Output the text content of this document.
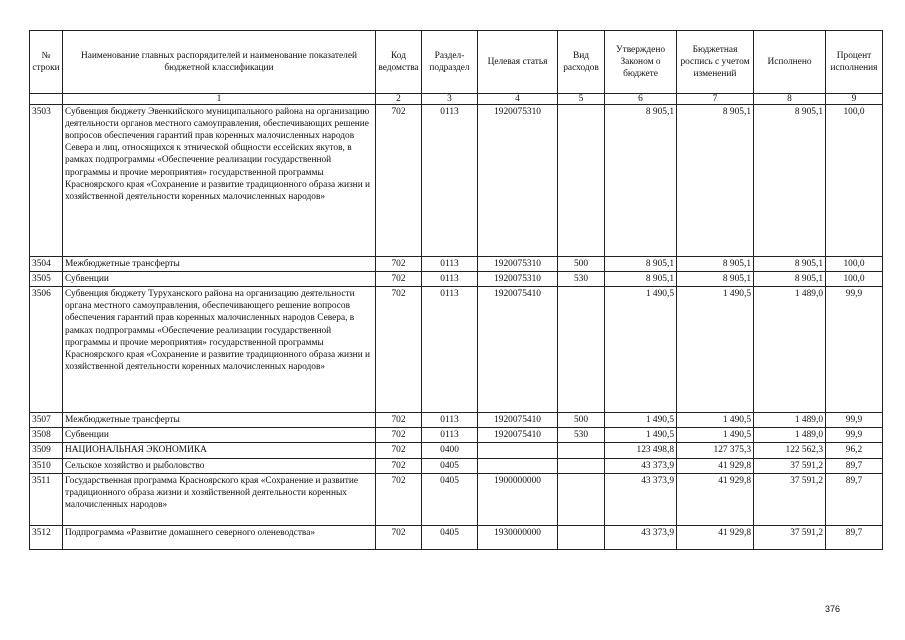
№ строки	Наименование главных распорядителей и наименование показателей бюджетной классификации	Код ведомства	Раздел-подраздел	Целевая статья	Вид расходов	Утверждено Законом о бюджете	Бюджетная роспись с учетом изменений	Исполнено	Процент исполнения
	1	2	3	4	5	6	7	8	9
3503	Субвенция бюджету Эвенкийского муниципального района на организацию деятельности органов местного самоуправления, обеспечивающих решение вопросов обеспечения гарантий прав коренных малочисленных народов Севера и лиц, относящихся к этнической общности ессейских якутов, в рамках подпрограммы «Обеспечение реализации государственной программы и прочие мероприятия» государственной программы Красноярского края «Сохранение и развитие традиционного образа жизни и хозяйственной деятельности коренных малочисленных народов»	702	0113	1920075310		8 905,1	8 905,1	8 905,1	100,0
3504	Межбюджетные трансферты	702	0113	1920075310	500	8 905,1	8 905,1	8 905,1	100,0
3505	Субвенции	702	0113	1920075310	530	8 905,1	8 905,1	8 905,1	100,0
3506	Субвенция бюджету Туруханского района на организацию деятельности органа местного самоуправления, обеспечивающего решение вопросов обеспечения гарантий прав коренных малочисленных народов Севера, в рамках подпрограммы «Обеспечение реализации государственной программы и прочие мероприятия» государственной программы Красноярского края «Сохранение и развитие традиционного образа жизни и хозяйственной деятельности коренных малочисленных народов»	702	0113	1920075410		1 490,5	1 490,5	1 489,0	99,9
3507	Межбюджетные трансферты	702	0113	1920075410	500	1 490,5	1 490,5	1 489,0	99,9
3508	Субвенции	702	0113	1920075410	530	1 490,5	1 490,5	1 489,0	99,9
3509	НАЦИОНАЛЬНАЯ ЭКОНОМИКА	702	0400			123 498,8	127 375,3	122 562,3	96,2
3510	Сельское хозяйство и рыболовство	702	0405			43 373,9	41 929,8	37 591,2	89,7
3511	Государственная программа Красноярского края «Сохранение и развитие традиционного образа жизни и хозяйственной деятельности коренных малочисленных народов»	702	0405	1900000000		43 373,9	41 929,8	37 591,2	89,7
3512	Подпрограмма «Развитие домашнего северного оленеводства»	702	0405	1930000000		43 373,9	41 929,8	37 591,2	89,7
376
